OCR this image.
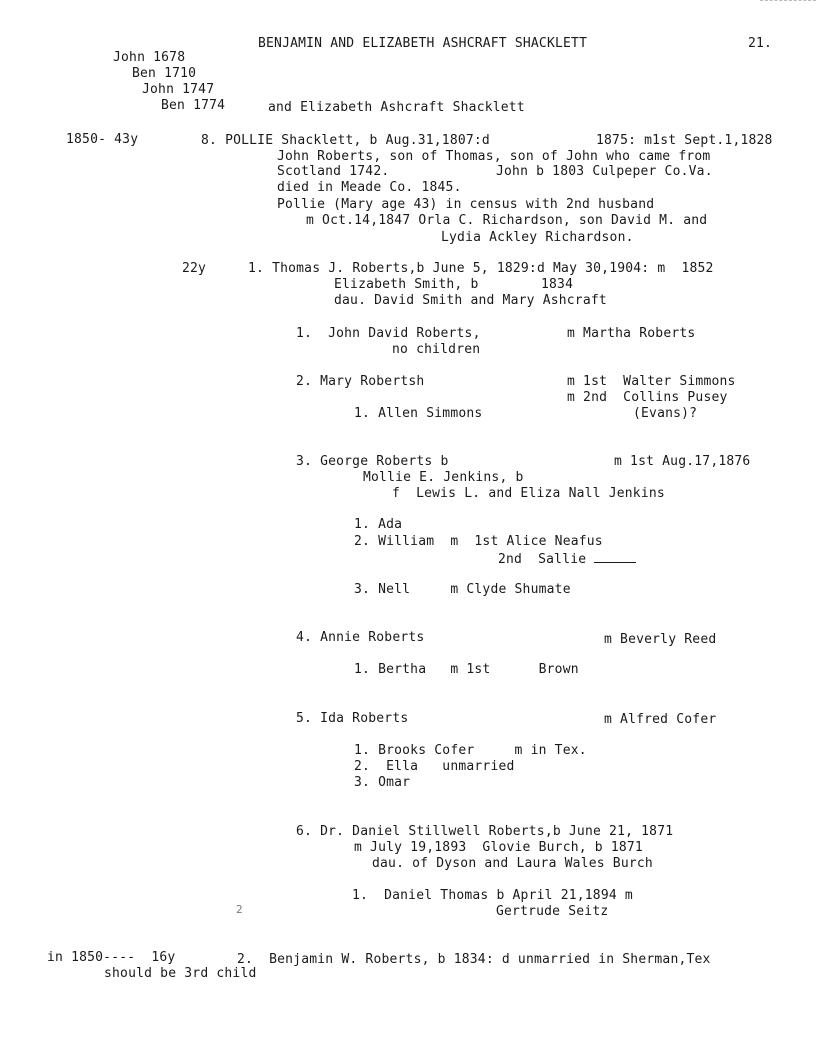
BENJAMIN AND ELIZABETH ASHCRAFT SHACKLETT	21.
John 1678
Ben 1710
John 1747
Ben 1774	and Elizabeth Ashcraft Shacklett
1850- 43y	8. POLLIE Shacklett, b Aug.31,1807:d	1875: m1st Sept.1,1828
John Roberts, son of Thomas, son of John who came from
Scotland 1742.	John b 1803 Culpeper Co.Va.
died in Meade Co. 1845.
Pollie (Mary age 43) in census with 2nd husband
m Oct.14,1847 Orla C. Richardson, son David M. and
Lydia Ackley Richardson.
22y	1. Thomas J. Roberts,b June 5, 1829:d May 30,1904: m  1852
Elizabeth Smith, b	1834
dau. David Smith and Mary Ashcraft
1.  John David Roberts,	m Martha Roberts
no children
2. Mary Robertsh	m 1st  Walter Simmons
m 2nd  Collins Pusey
1. Allen Simmons	(Evans)?
3. George Roberts b	m 1st Aug.17,1876
Mollie E. Jenkins, b
f  Lewis L. and Eliza Nall Jenkins
1. Ada
2. William  m  1st Alice Neafus
2nd  Sallie
3. Nell     m Clyde Shumate
4. Annie Roberts	m Beverly Reed
1. Bertha   m 1st      Brown
5. Ida Roberts	m Alfred Cofer
1. Brooks Cofer     m in Tex.
2.  Ella   unmarried
3. Omar
6. Dr. Daniel Stillwell Roberts,b June 21, 1871
m July 19,1893  Glovie Burch, b 1871
dau. of Dyson and Laura Wales Burch
1.  Daniel Thomas b April 21,1894 m
Gertrude Seitz
2
in 1850----  16y	2.  Benjamin W. Roberts, b 1834: d unmarried in Sherman,Tex
should be 3rd child
